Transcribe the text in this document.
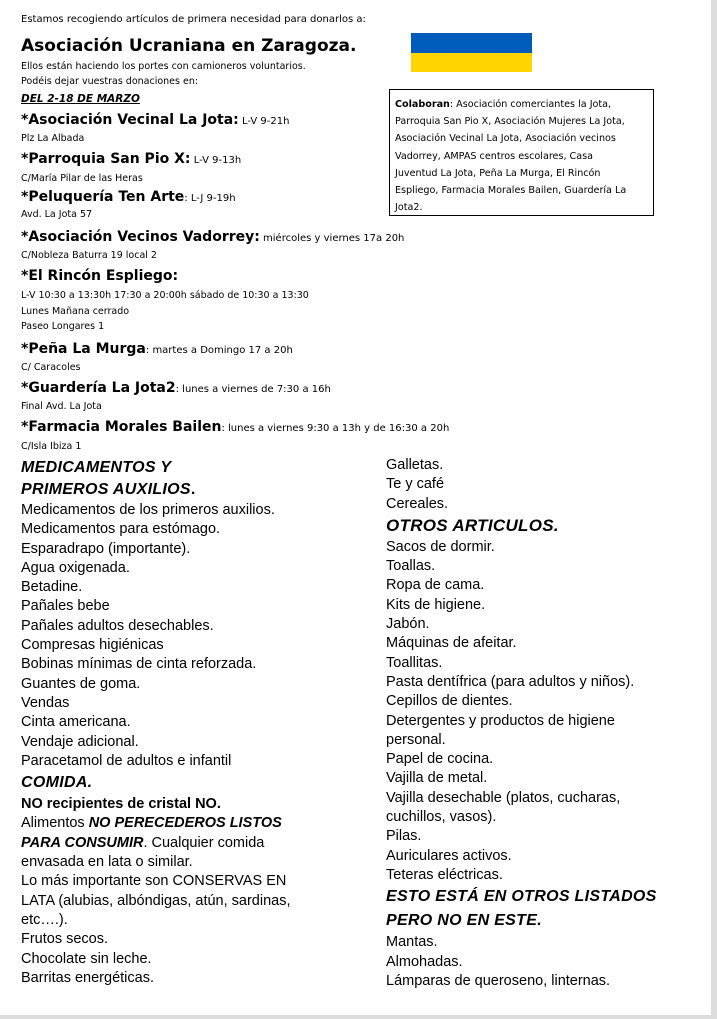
Estamos recogiendo artículos de primera necesidad para donarlos a:
Asociación Ucraniana en Zaragoza.
Ellos están haciendo los portes con camioneros voluntarios.
Podéis dejar vuestras donaciones en:
DEL 2-18 DE MARZO	Colaboran: Asociación comerciantes la Jota,
Parroquia San Pio X, Asociación Mujeres La Jota,
Asociación Vecinal La Jota, Asociación vecinos
Vadorrey, AMPAS centros escolares, Casa
Juventud La Jota, Peña La Murga, El Rincón
Espliego, Farmacia Morales Bailen, Guardería La
Jota2.
*Asociación Vecinal La Jota: L-V 9-21h
Plz La Albada
*Parroquia San Pio X: L-V 9-13h
C/María Pilar de las Heras
*Peluquería Ten Arte: L-J 9-19h
Avd. La Jota 57
*Asociación Vecinos Vadorrey: miércoles y viernes 17a 20h
C/Nobleza Baturra 19 local 2
*El Rincón Espliego:
L-V 10:30 a 13:30h 17:30 a 20:00h sábado de 10:30 a 13:30
Lunes Mañana cerrado
Paseo Longares 1
*Peña La Murga: martes a Domingo 17 a 20h
C/ Caracoles
*Guardería La Jota2: lunes a viernes de 7:30 a 16h
Final Avd. La Jota
*Farmacia Morales Bailen: lunes a viernes 9:30 a 13h y de 16:30 a 20h
C/Isla Ibiza 1
MEDICAMENTOS Y
PRIMEROS AUXILIOS.
Medicamentos de los primeros auxilios.
Medicamentos para estómago.
Esparadrapo (importante).
Agua oxigenada.
Betadine.
Pañales bebe
Pañales adultos desechables.
Compresas higiénicas
Bobinas mínimas de cinta reforzada.
Guantes de goma.
Vendas
Cinta americana.
Vendaje adicional.
Paracetamol de adultos e infantil
COMIDA.
NO recipientes de cristal NO.
Alimentos NO PERECEDEROS LISTOS
PARA CONSUMIR. Cualquier comida
envasada en lata o similar.
Lo más importante son CONSERVAS EN
LATA (alubias, albóndigas, atún, sardinas,
etc….).
Frutos secos.
Chocolate sin leche.
Barritas energéticas.
Galletas.
Te y café
Cereales.
OTROS ARTICULOS.
Sacos de dormir.
Toallas.
Ropa de cama.
Kits de higiene.
Jabón.
Máquinas de afeitar.
Toallitas.
Pasta dentífrica (para adultos y niños).
Cepillos de dientes.
Detergentes y productos de higiene
personal.
Papel de cocina.
Vajilla de metal.
Vajilla desechable (platos, cucharas,
cuchillos, vasos).
Pilas.
Auriculares activos.
Teteras eléctricas.
ESTO ESTÁ EN OTROS LISTADOS
PERO NO EN ESTE.
Mantas.
Almohadas.
Lámparas de queroseno, linternas.
